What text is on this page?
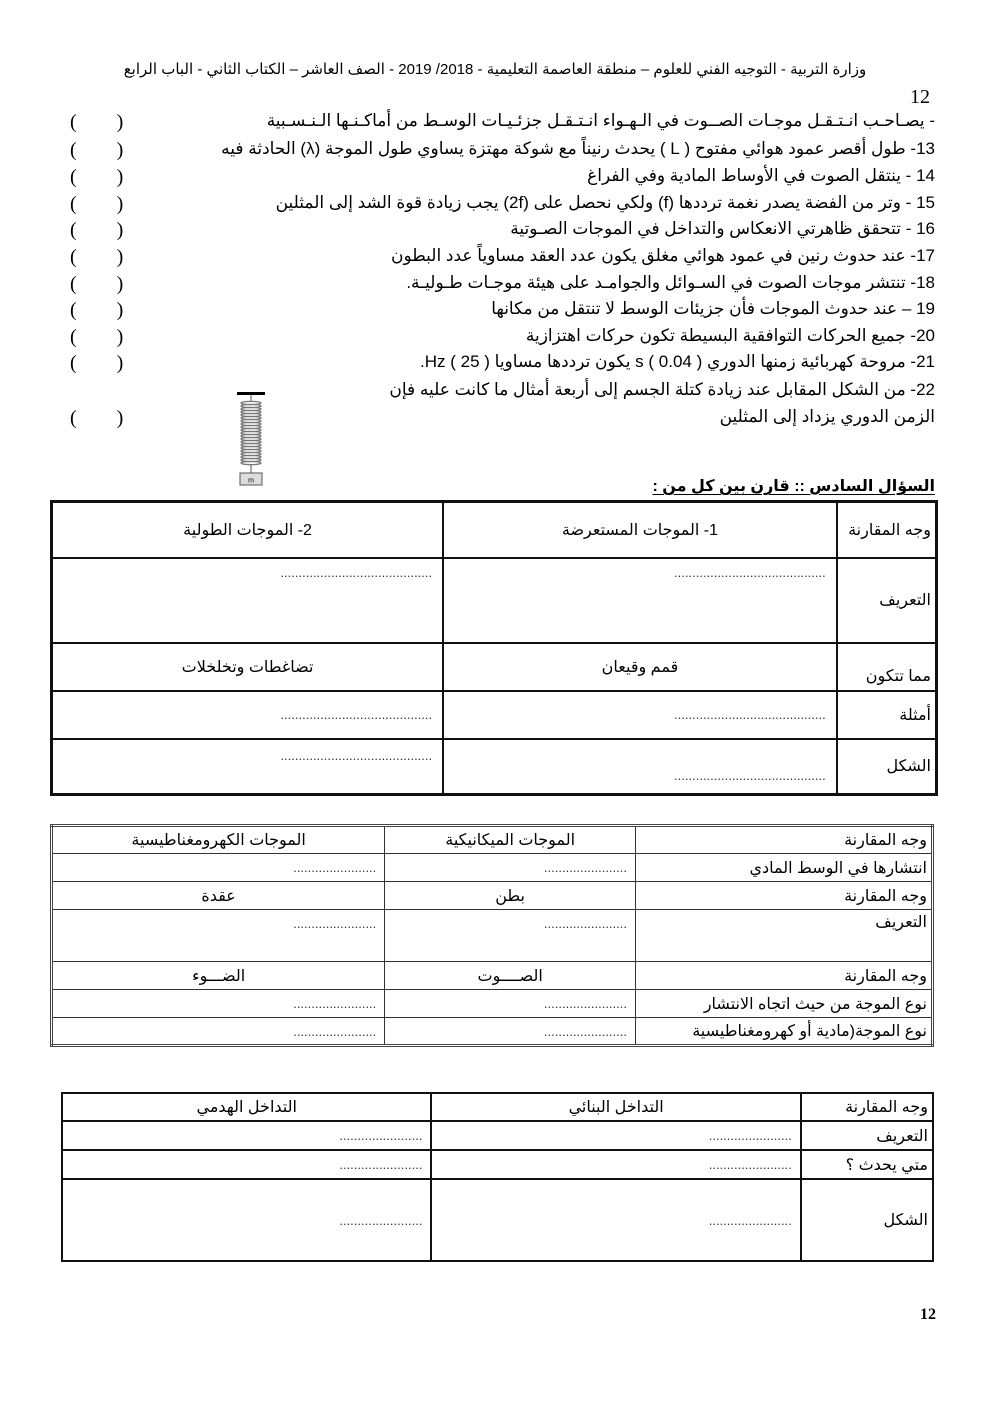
وزارة التربية - التوجيه الفني للعلوم – منطقة العاصمة التعليمية - 2018/ 2019 - الصف العاشر – الكتاب الثاني - الباب الرابع
12
- يصـاحـب انـتـقـل موجـات الصــوت في الـهـواء انـتـقـل جزئـيـات الوسـط من أماكـنـها الـنـسـبية
( )
13- طول أقصر عمود هوائي مفتوح ( L ) يحدث رنيناً مع شوكة مهتزة يساوي طول الموجة (λ) الحادثة فيه
( )
14 - ينتقل الصوت في الأوساط المادية وفي الفراغ
( )
15 - وتر من الفضة يصدر نغمة ترددها (f) ولكي نحصل على (2f) يجب زيادة قوة الشد إلى المثلين
( )
16 - تتحقق ظاهرتي الانعكاس والتداخل في الموجات الصـوتية
( )
17- عند حدوث رنين في عمود هوائي مغلق يكون عدد العقد مساوياً عدد البطون
( )
18- تنتشر موجات الصوت في السـوائل والجوامـد على هيئة موجـات طـوليـة.
( )
19 – عند حدوث الموجات فأن جزيئات الوسط لا تنتقل من مكانها
( )
20- جميع الحركات التوافقية البسيطة تكون حركات اهتزازية
( )
21- مروحة كهربائية زمنها الدوري s ( 0.04 ) يكون ترددها مساويا Hz ( 25 ).
( )
22- من الشكل المقابل عند زيادة كتلة الجسم إلى أربعة أمثال ما كانت عليه فإن
الزمن الدوري يزداد إلى المثلين
( )
m	السؤال السادس :: قارن بين كل من :
وجه المقارنة	1- الموجات المستعرضة	2- الموجات الطولية
التعريف	..........................................	..........................................
مما تتكون	قمم وقيعان	تضاغطات وتخلخلات
أمثلة	..........................................	..........................................
الشكل	..........................................	..........................................
وجه المقارنة	الموجات الميكانيكية	الموجات الكهرومغناطيسية
انتشارها في الوسط المادي	.......................	.......................
وجه المقارنة	بطن	عقدة
التعريف	.......................	.......................
وجه المقارنة	الصــــوت	الضـــوء
نوع الموجة من حيث اتجاه الانتشار	.......................	.......................
نوع الموجة(مادية أو كهرومغناطيسية	.......................	.......................
وجه المقارنة	التداخل البنائي	التداخل الهدمي
التعريف	.......................	.......................
متي يحدث ؟	.......................	.......................
الشكل	.......................	.......................
12
